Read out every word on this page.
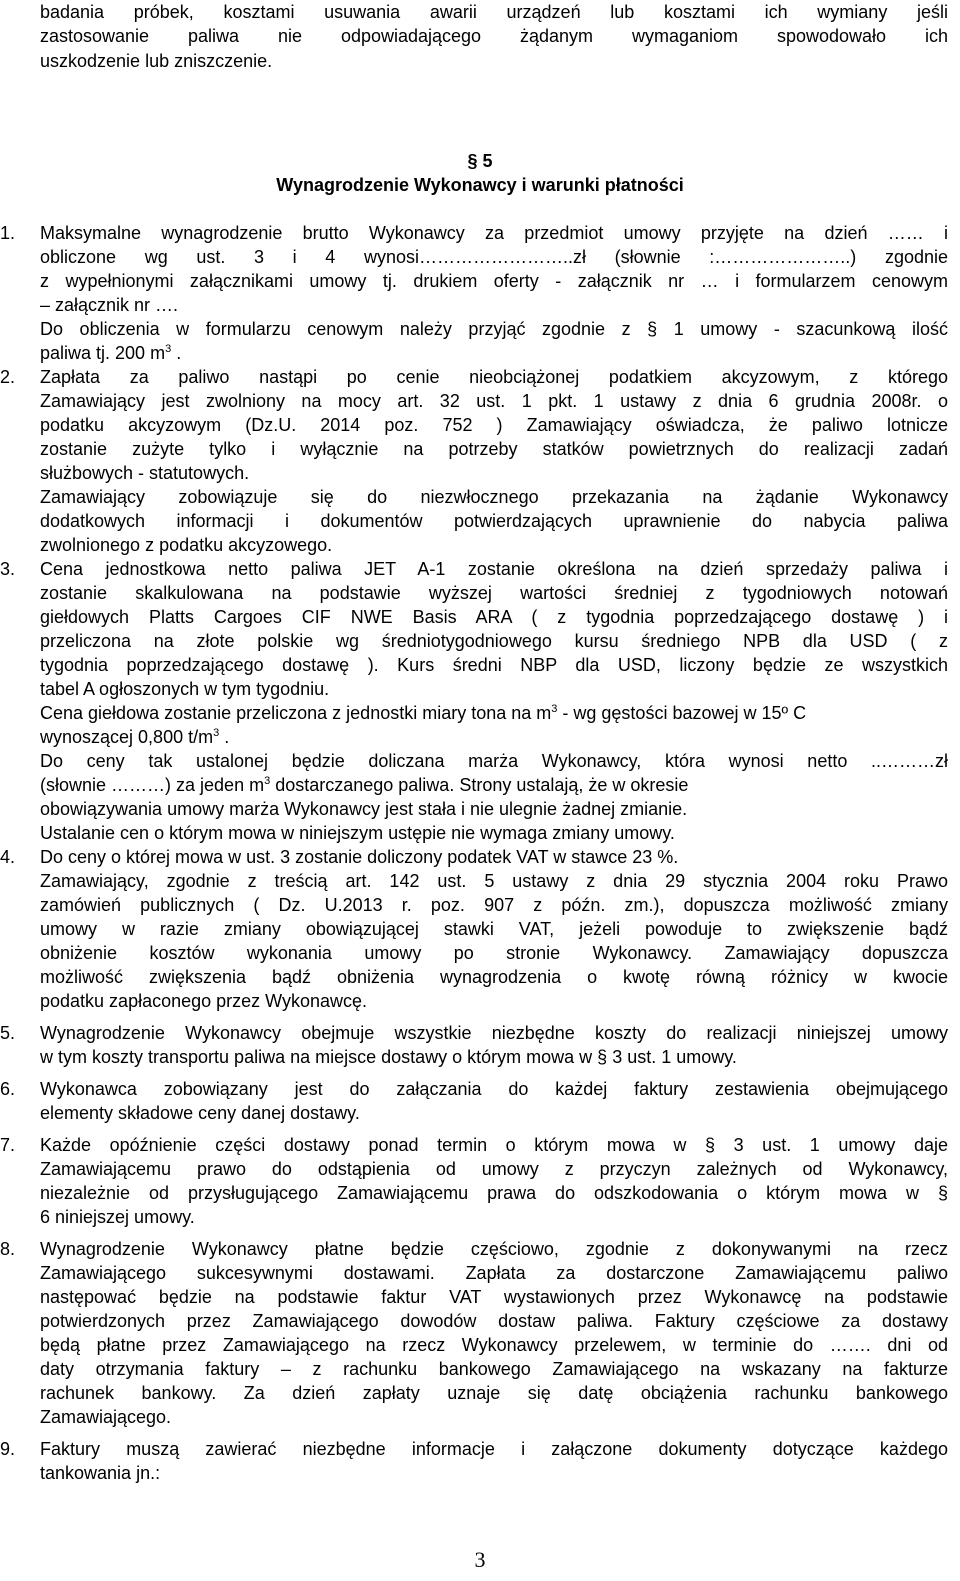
badania próbek, kosztami usuwania awarii urządzeń lub kosztami ich wymiany jeśli
zastosowanie paliwa nie odpowiadającego żądanym wymaganiom spowodowało ich
uszkodzenie lub zniszczenie.
§ 5
Wynagrodzenie Wykonawcy i warunki płatności
1. Maksymalne wynagrodzenie brutto Wykonawcy za przedmiot umowy przyjęte na dzień …… i
obliczone wg ust. 3 i 4 wynosi……………………..zł (słownie :…………………..) zgodnie
z wypełnionymi załącznikami umowy tj. drukiem oferty - załącznik nr … i formularzem cenowym
– załącznik nr ….
Do obliczenia w formularzu cenowym należy przyjąć zgodnie z § 1 umowy - szacunkową ilość
paliwa tj. 200 $m^3$ .
2. Zapłata za paliwo nastąpi po cenie nieobciążonej podatkiem akcyzowym, z którego
Zamawiający jest zwolniony na mocy art. 32 ust. 1 pkt. 1 ustawy z dnia 6 grudnia 2008r. o
podatku akcyzowym (Dz.U. 2014 poz. 752 ) Zamawiający oświadcza, że paliwo lotnicze
zostanie zużyte tylko i wyłącznie na potrzeby statków powietrznych do realizacji zadań
służbowych - statutowych.
Zamawiający zobowiązuje się do niezwłocznego przekazania na żądanie Wykonawcy
dodatkowych informacji i dokumentów potwierdzających uprawnienie do nabycia paliwa
zwolnionego z podatku akcyzowego.
3. Cena jednostkowa netto paliwa JET A-1 zostanie określona na dzień sprzedaży paliwa i
zostanie skalkulowana na podstawie wyższej wartości średniej z tygodniowych notowań
giełdowych Platts Cargoes CIF NWE Basis ARA ( z tygodnia poprzedzającego dostawę ) i
przeliczona na złote polskie wg średniotygodniowego kursu średniego NPB dla USD ( z
tygodnia poprzedzającego dostawę ). Kurs średni NBP dla USD, liczony będzie ze wszystkich
tabel A ogłoszonych w tym tygodniu.
Cena giełdowa zostanie przeliczona z jednostki miary tona na $m^3$ - wg gęstości bazowej w 15º C
wynoszącej 0,800 $t/m^3$ .
Do ceny tak ustalonej będzie doliczana marża Wykonawcy, która wynosi netto ..………zł
(słownie ………) za jeden $m^3$ dostarczanego paliwa. Strony ustalają, że w okresie
obowiązywania umowy marża Wykonawcy jest stała i nie ulegnie żadnej zmianie.
Ustalanie cen o którym mowa w niniejszym ustępie nie wymaga zmiany umowy.
4. Do ceny o której mowa w ust. 3 zostanie doliczony podatek VAT w stawce 23 %.
Zamawiający, zgodnie z treścią art. 142 ust. 5 ustawy z dnia 29 stycznia 2004 roku Prawo
zamówień publicznych ( Dz. U.2013 r. poz. 907 z późn. zm.), dopuszcza możliwość zmiany
umowy w razie zmiany obowiązującej stawki VAT, jeżeli powoduje to zwiększenie bądź
obniżenie kosztów wykonania umowy po stronie Wykonawcy. Zamawiający dopuszcza
możliwość zwiększenia bądź obniżenia wynagrodzenia o kwotę równą różnicy w kwocie
podatku zapłaconego przez Wykonawcę.
5. Wynagrodzenie Wykonawcy obejmuje wszystkie niezbędne koszty do realizacji niniejszej umowy
w tym koszty transportu paliwa na miejsce dostawy o którym mowa w § 3 ust. 1 umowy.
6. Wykonawca zobowiązany jest do załączania do każdej faktury zestawienia obejmującego
elementy składowe ceny danej dostawy.
7. Każde opóźnienie części dostawy ponad termin o którym mowa w § 3 ust. 1 umowy daje
Zamawiającemu prawo do odstąpienia od umowy z przyczyn zależnych od Wykonawcy,
niezależnie od przysługującego Zamawiającemu prawa do odszkodowania o którym mowa w §
6 niniejszej umowy.
8. Wynagrodzenie Wykonawcy płatne będzie częściowo, zgodnie z dokonywanymi na rzecz
Zamawiającego sukcesywnymi dostawami. Zapłata za dostarczone Zamawiającemu paliwo
następować będzie na podstawie faktur VAT wystawionych przez Wykonawcę na podstawie
potwierdzonych przez Zamawiającego dowodów dostaw paliwa. Faktury częściowe za dostawy
będą płatne przez Zamawiającego na rzecz Wykonawcy przelewem, w terminie do ……. dni od
daty otrzymania faktury – z rachunku bankowego Zamawiającego na wskazany na fakturze
rachunek bankowy. Za dzień zapłaty uznaje się datę obciążenia rachunku bankowego
Zamawiającego.
9. Faktury muszą zawierać niezbędne informacje i załączone dokumenty dotyczące każdego
tankowania jn.:
3
